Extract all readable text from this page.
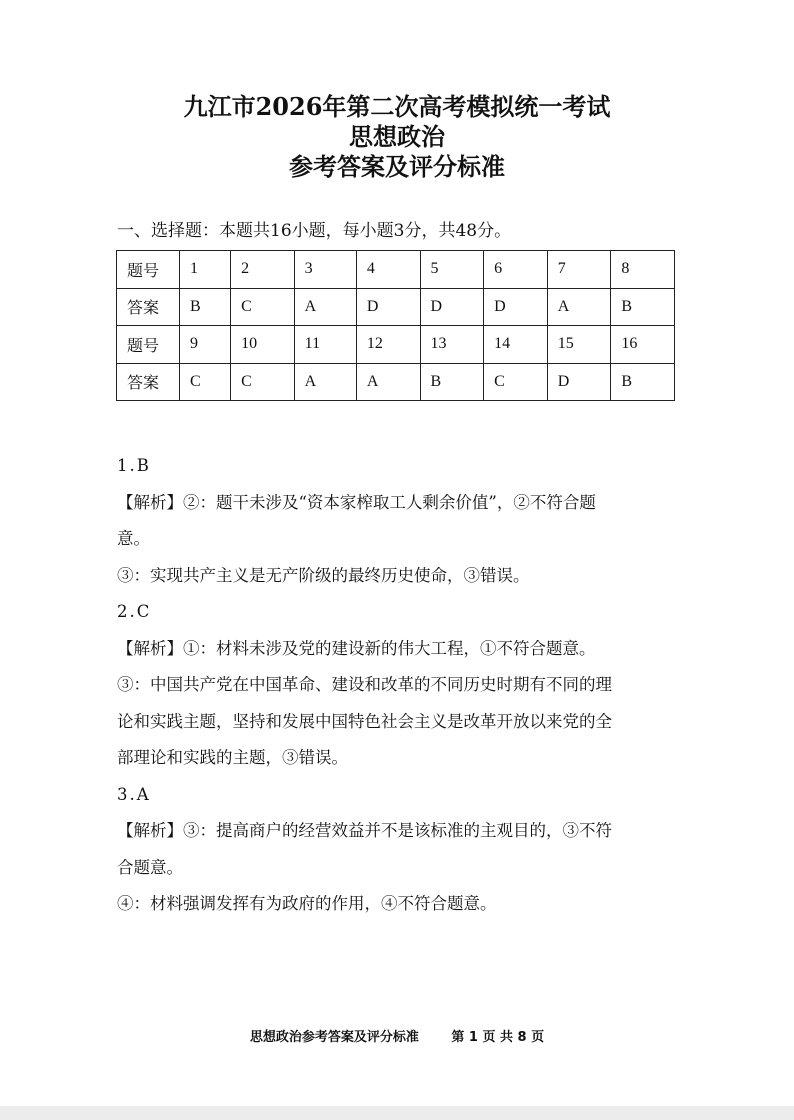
九江市2026年第二次高考模拟统一考试
思想政治
参考答案及评分标准
一、选择题：本题共16小题，每小题3分，共48分。
题号	1	2	3	4	5	6	7	8
答案	B	C	A	D	D	D	A	B
题号	9	10	11	12	13	14	15	16
答案	C	C	A	A	B	C	D	B

1.B

【解析】②：题干未涉及“资本家榨取工人剩余价值”，②不符合题

意。

③：实现共产主义是无产阶级的最终历史使命，③错误。

2.C

【解析】①：材料未涉及党的建设新的伟大工程，①不符合题意。

③：中国共产党在中国革命、建设和改革的不同历史时期有不同的理

论和实践主题，坚持和发展中国特色社会主义是改革开放以来党的全

部理论和实践的主题，③错误。

3.A

【解析】③：提高商户的经营效益并不是该标准的主观目的，③不符

合题意。

④：材料强调发挥有为政府的作用，④不符合题意。

思想政治参考答案及评分标准	第 1 页 共 8 页
